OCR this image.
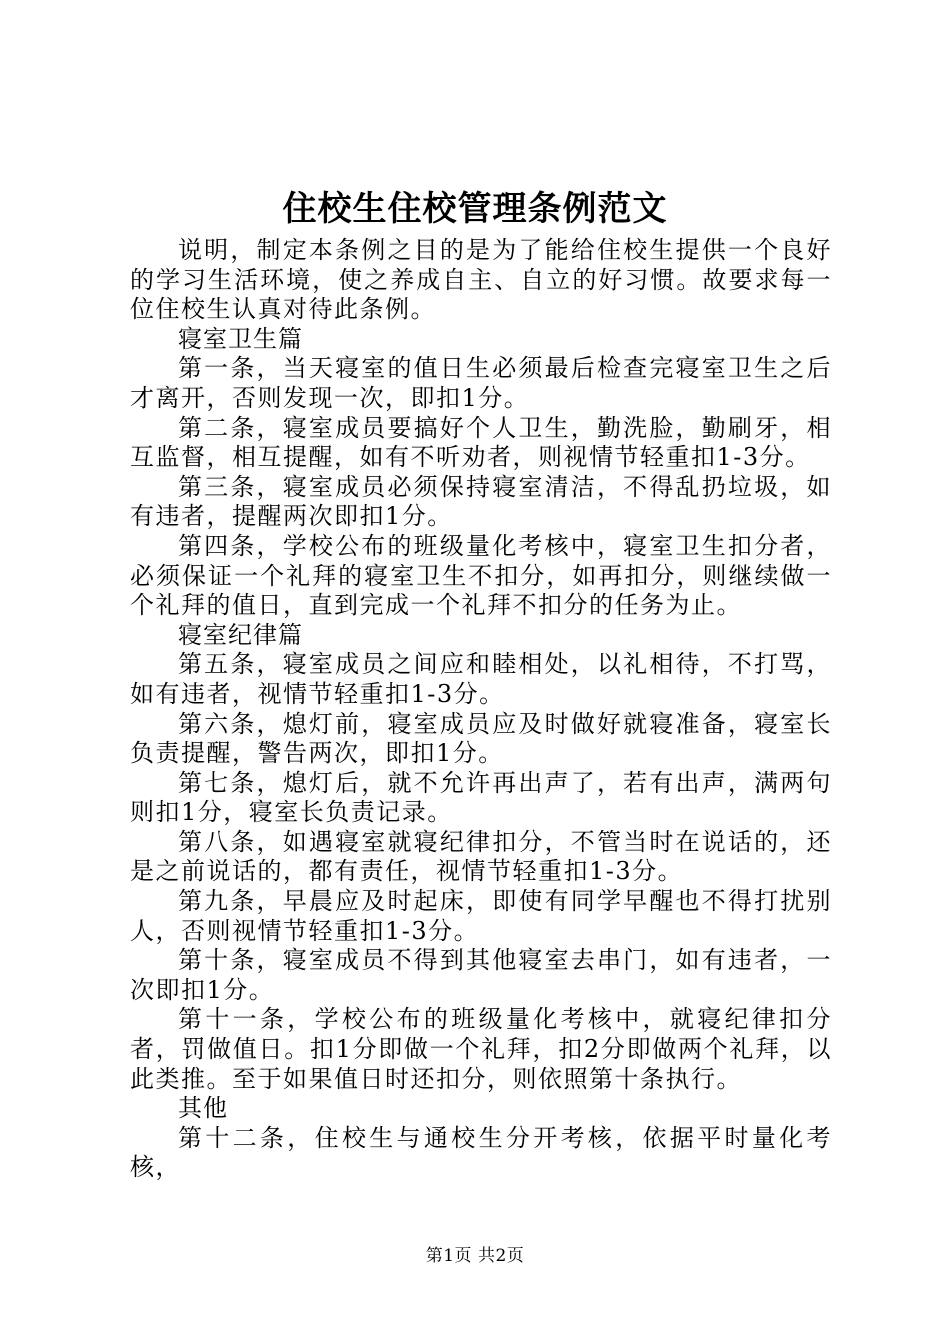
住校生住校管理条例范文

说明，制定本条例之目的是为了能给住校生提供一个良好的学习生活环境，使之养成自主、自立的好习惯。故要求每一位住校生认真对待此条例。

寝室卫生篇

第一条，当天寝室的值日生必须最后检查完寝室卫生之后才离开，否则发现一次，即扣1分。

第二条，寝室成员要搞好个人卫生，勤洗脸，勤刷牙，相互监督，相互提醒，如有不听劝者，则视情节轻重扣1-3分。

第三条，寝室成员必须保持寝室清洁，不得乱扔垃圾，如有违者，提醒两次即扣1分。

第四条，学校公布的班级量化考核中，寝室卫生扣分者，必须保证一个礼拜的寝室卫生不扣分，如再扣分，则继续做一个礼拜的值日，直到完成一个礼拜不扣分的任务为止。

寝室纪律篇

第五条，寝室成员之间应和睦相处，以礼相待，不打骂，如有违者，视情节轻重扣1-3分。

第六条，熄灯前，寝室成员应及时做好就寝准备，寝室长负责提醒，警告两次，即扣1分。

第七条，熄灯后，就不允许再出声了，若有出声，满两句则扣1分，寝室长负责记录。

第八条，如遇寝室就寝纪律扣分，不管当时在说话的，还是之前说话的，都有责任，视情节轻重扣1-3分。

第九条，早晨应及时起床，即使有同学早醒也不得打扰别人，否则视情节轻重扣1-3分。

第十条，寝室成员不得到其他寝室去串门，如有违者，一次即扣1分。

第十一条，学校公布的班级量化考核中，就寝纪律扣分者，罚做值日。扣1分即做一个礼拜，扣2分即做两个礼拜，以此类推。至于如果值日时还扣分，则依照第十条执行。

其他

第十二条，住校生与通校生分开考核，依据平时量化考核，

第1页 共2页
